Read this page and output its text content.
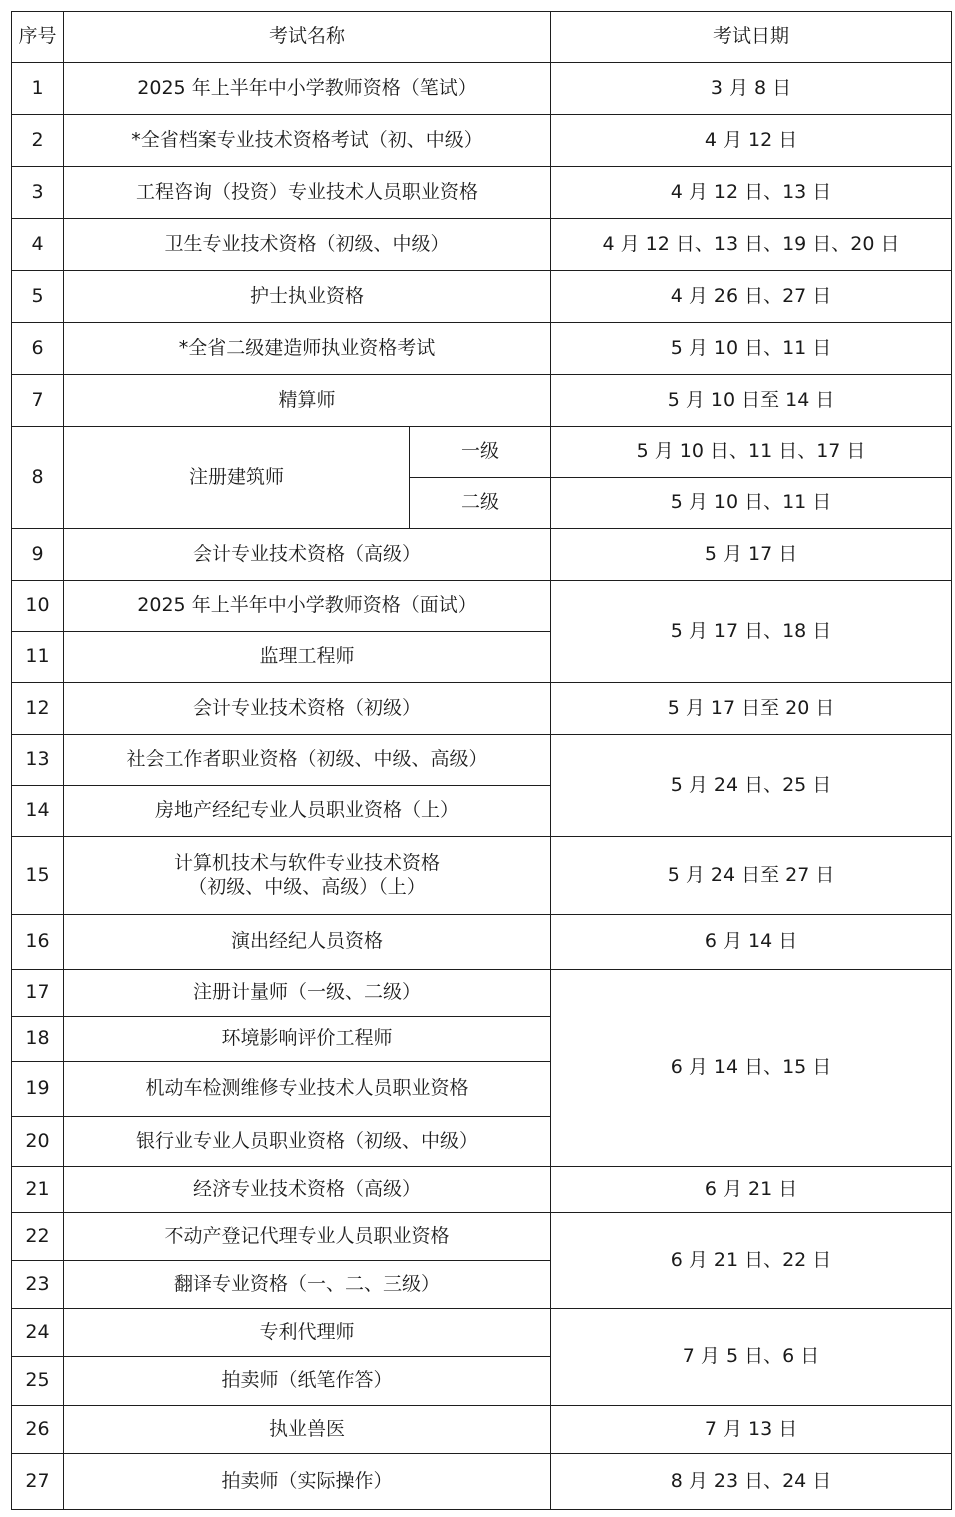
序号	考试名称		考试日期
1	2025 年上半年中小学教师资格（笔试）		3 月 8 日
2	*全省档案专业技术资格考试（初、中级）		4 月 12 日
3	工程咨询（投资）专业技术人员职业资格		4 月 12 日、13 日
4	卫生专业技术资格（初级、中级）		4 月 12 日、13 日、19 日、20 日
5	护士执业资格		4 月 26 日、27 日
6	*全省二级建造师执业资格考试		5 月 10 日、11 日
7	精算师		5 月 10 日至 14 日
8	注册建筑师	一级	5 月 10 日、11 日、17 日
		二级	5 月 10 日、11 日
9	会计专业技术资格（高级）		5 月 17 日
10	2025 年上半年中小学教师资格（面试）		5 月 17 日、18 日
11	监理工程师		
12	会计专业技术资格（初级）		5 月 17 日至 20 日
13	社会工作者职业资格（初级、中级、高级）		5 月 24 日、25 日
14	房地产经纪专业人员职业资格（上）		
15	计算机技术与软件专业技术资格
（初级、中级、高级）（上）		5 月 24 日至 27 日
16	演出经纪人员资格		6 月 14 日
17	注册计量师（一级、二级）		6 月 14 日、15 日
18	环境影响评价工程师		
19	机动车检测维修专业技术人员职业资格		
20	银行业专业人员职业资格（初级、中级）		
21	经济专业技术资格（高级）		6 月 21 日
22	不动产登记代理专业人员职业资格		6 月 21 日、22 日
23	翻译专业资格（一、二、三级）		
24	专利代理师		7 月 5 日、6 日
25	拍卖师（纸笔作答）		
26	执业兽医		7 月 13 日
27	拍卖师（实际操作）		8 月 23 日、24 日
